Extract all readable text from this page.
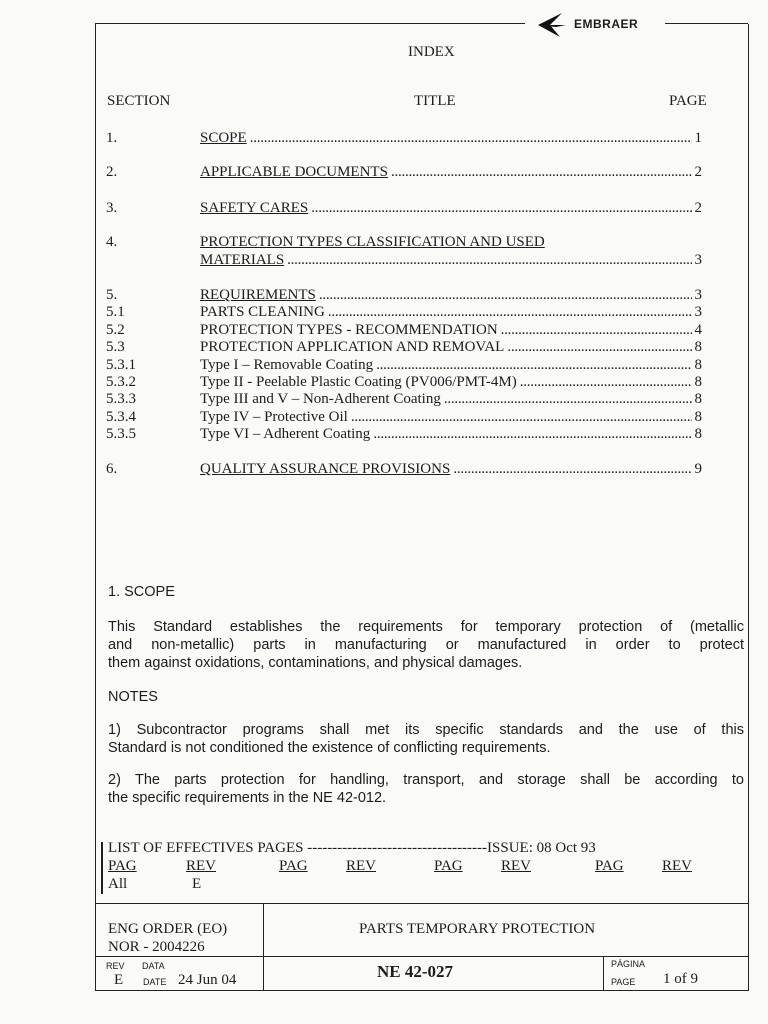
EMBRAER
INDEX
SECTION	TITLE	PAGE
1.	SCOPE . . .	1
2.	APPLICABLE DOCUMENTS . . .	2
3.	SAFETY CARES . . .	2
4.	PROTECTION TYPES CLASSIFICATION AND USED
MATERIALS . . .	3
5.	REQUIREMENTS . . .	3
5.1	PARTS CLEANING . . .	3
5.2	PROTECTION TYPES - RECOMMENDATION . . .	4
5.3	PROTECTION APPLICATION AND REMOVAL . . .	8
5.3.1	Type I – Removable Coating . . .	8
5.3.2	Type II - Peelable Plastic Coating (PV006/PMT-4M) . . .	8
5.3.3	Type III and V – Non-Adherent Coating . . .	8
5.3.4	Type IV – Protective Oil . . .	8
5.3.5	Type VI – Adherent Coating . . .	8
6.	QUALITY ASSURANCE PROVISIONS . . .	9
1. SCOPE
This Standard establishes the requirements for temporary protection of (metallic
and non-metallic) parts in manufacturing or manufactured in order to protect
them against oxidations, contaminations, and physical damages.
NOTES
1) Subcontractor programs shall met its specific standards and the use of this
Standard is not conditioned the existence of conflicting requirements.
2) The parts protection for handling, transport, and storage shall be according to
the specific requirements in the NE 42-012.
LIST OF EFFECTIVES PAGES ------------------------------------ISSUE: 08 Oct 93
PAG	REV	PAG	REV	PAG	REV	PAG	REV
All	E
ENG ORDER (EO)
NOR - 2004226
PARTS TEMPORARY PROTECTION
REV DATA
E DATE 24 Jun 04	NE 42-027	PÁGINA
PAGE 1 of 9
